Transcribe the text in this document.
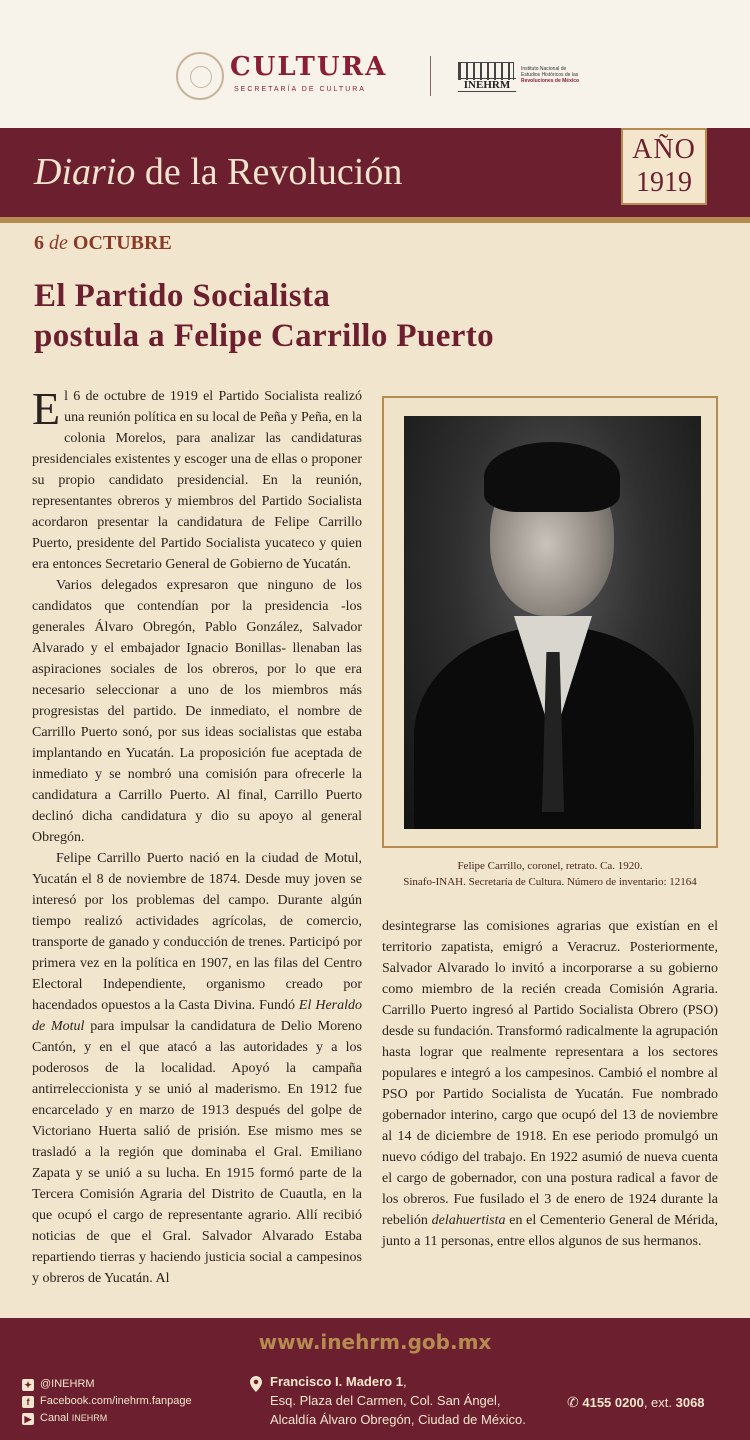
CULTURA
SECRETARÍA DE CULTURA	INEHRM
Instituto Nacional de
Estudios Históricos de las
Revoluciones de México
Diario de la Revolución
AÑO
1919
6 de OCTUBRE
El Partido Socialista
postula a Felipe Carrillo Puerto

El 6 de octubre de 1919 el Partido Socialista realizó una reunión política en su local de Peña y Peña, en la colonia Morelos, para analizar las candidaturas presidenciales existentes y escoger una de ellas o proponer su propio candidato presidencial. En la reunión, representantes obreros y miembros del Partido Socialista acordaron presentar la candidatura de Felipe Carrillo Puerto, presidente del Partido Socialista yucateco y quien era entonces Secretario General de Gobierno de Yucatán.

Varios delegados expresaron que ninguno de los candidatos que contendían por la presidencia -los generales Álvaro Obregón, Pablo González, Salvador Alvarado y el embajador Ignacio Bonillas- llenaban las aspiraciones sociales de los obreros, por lo que era necesario seleccionar a uno de los miembros más progresistas del partido. De inmediato, el nombre de Carrillo Puerto sonó, por sus ideas socialistas que estaba implantando en Yucatán. La proposición fue aceptada de inmediato y se nombró una comisión para ofrecerle la candidatura a Carrillo Puerto. Al final, Carrillo Puerto declinó dicha candidatura y dio su apoyo al general Obregón.

Felipe Carrillo Puerto nació en la ciudad de Motul, Yucatán el 8 de noviembre de 1874. Desde muy joven se interesó por los problemas del campo. Durante algún tiempo realizó actividades agrícolas, de comercio, transporte de ganado y conducción de trenes. Participó por primera vez en la política en 1907, en las filas del Centro Electoral Independiente, organismo creado por hacendados opuestos a la Casta Divina. Fundó El Heraldo de Motul para impulsar la candidatura de Delio Moreno Cantón, y en el que atacó a las autoridades y a los poderosos de la localidad. Apoyó la campaña antirreleccionista y se unió al maderismo. En 1912 fue encarcelado y en marzo de 1913 después del golpe de Victoriano Huerta salió de prisión. Ese mismo mes se trasladó a la región que dominaba el Gral. Emiliano Zapata y se unió a su lucha. En 1915 formó parte de la Tercera Comisión Agraria del Distrito de Cuautla, en la que ocupó el cargo de representante agrario. Allí recibió noticias de que el Gral. Salvador Alvarado Estaba repartiendo tierras y haciendo justicia social a campesinos y obreros de Yucatán. Al

Felipe Carrillo, coronel, retrato. Ca. 1920.
Sinafo-INAH. Secretaría de Cultura. Número de inventario: 12164

desintegrarse las comisiones agrarias que existían en el territorio zapatista, emigró a Veracruz. Posteriormente, Salvador Alvarado lo invitó a incorporarse a su gobierno como miembro de la recién creada Comisión Agraria. Carrillo Puerto ingresó al Partido Socialista Obrero (PSO) desde su fundación. Transformó radicalmente la agrupación hasta lograr que realmente representara a los sectores populares e integró a los campesinos. Cambió el nombre al PSO por Partido Socialista de Yucatán. Fue nombrado gobernador interino, cargo que ocupó del 13 de noviembre al 14 de diciembre de 1918. En ese periodo promulgó un nuevo código del trabajo. En 1922 asumió de nueva cuenta el cargo de gobernador, con una postura radical a favor de los obreros. Fue fusilado el 3 de enero de 1924 durante la rebelión delahuertista en el Cementerio General de Mérida, junto a 11 personas, entre ellos algunos de sus hermanos.

www.inehrm.gob.mx
✦ @INEHRM
f Facebook.com/inehrm.fanpage
▶ Canal INEHRM
Francisco I. Madero 1,
Esq. Plaza del Carmen, Col. San Ángel,
Alcaldía Álvaro Obregón, Ciudad de México.
✆ 4155 0200, ext. 3068
